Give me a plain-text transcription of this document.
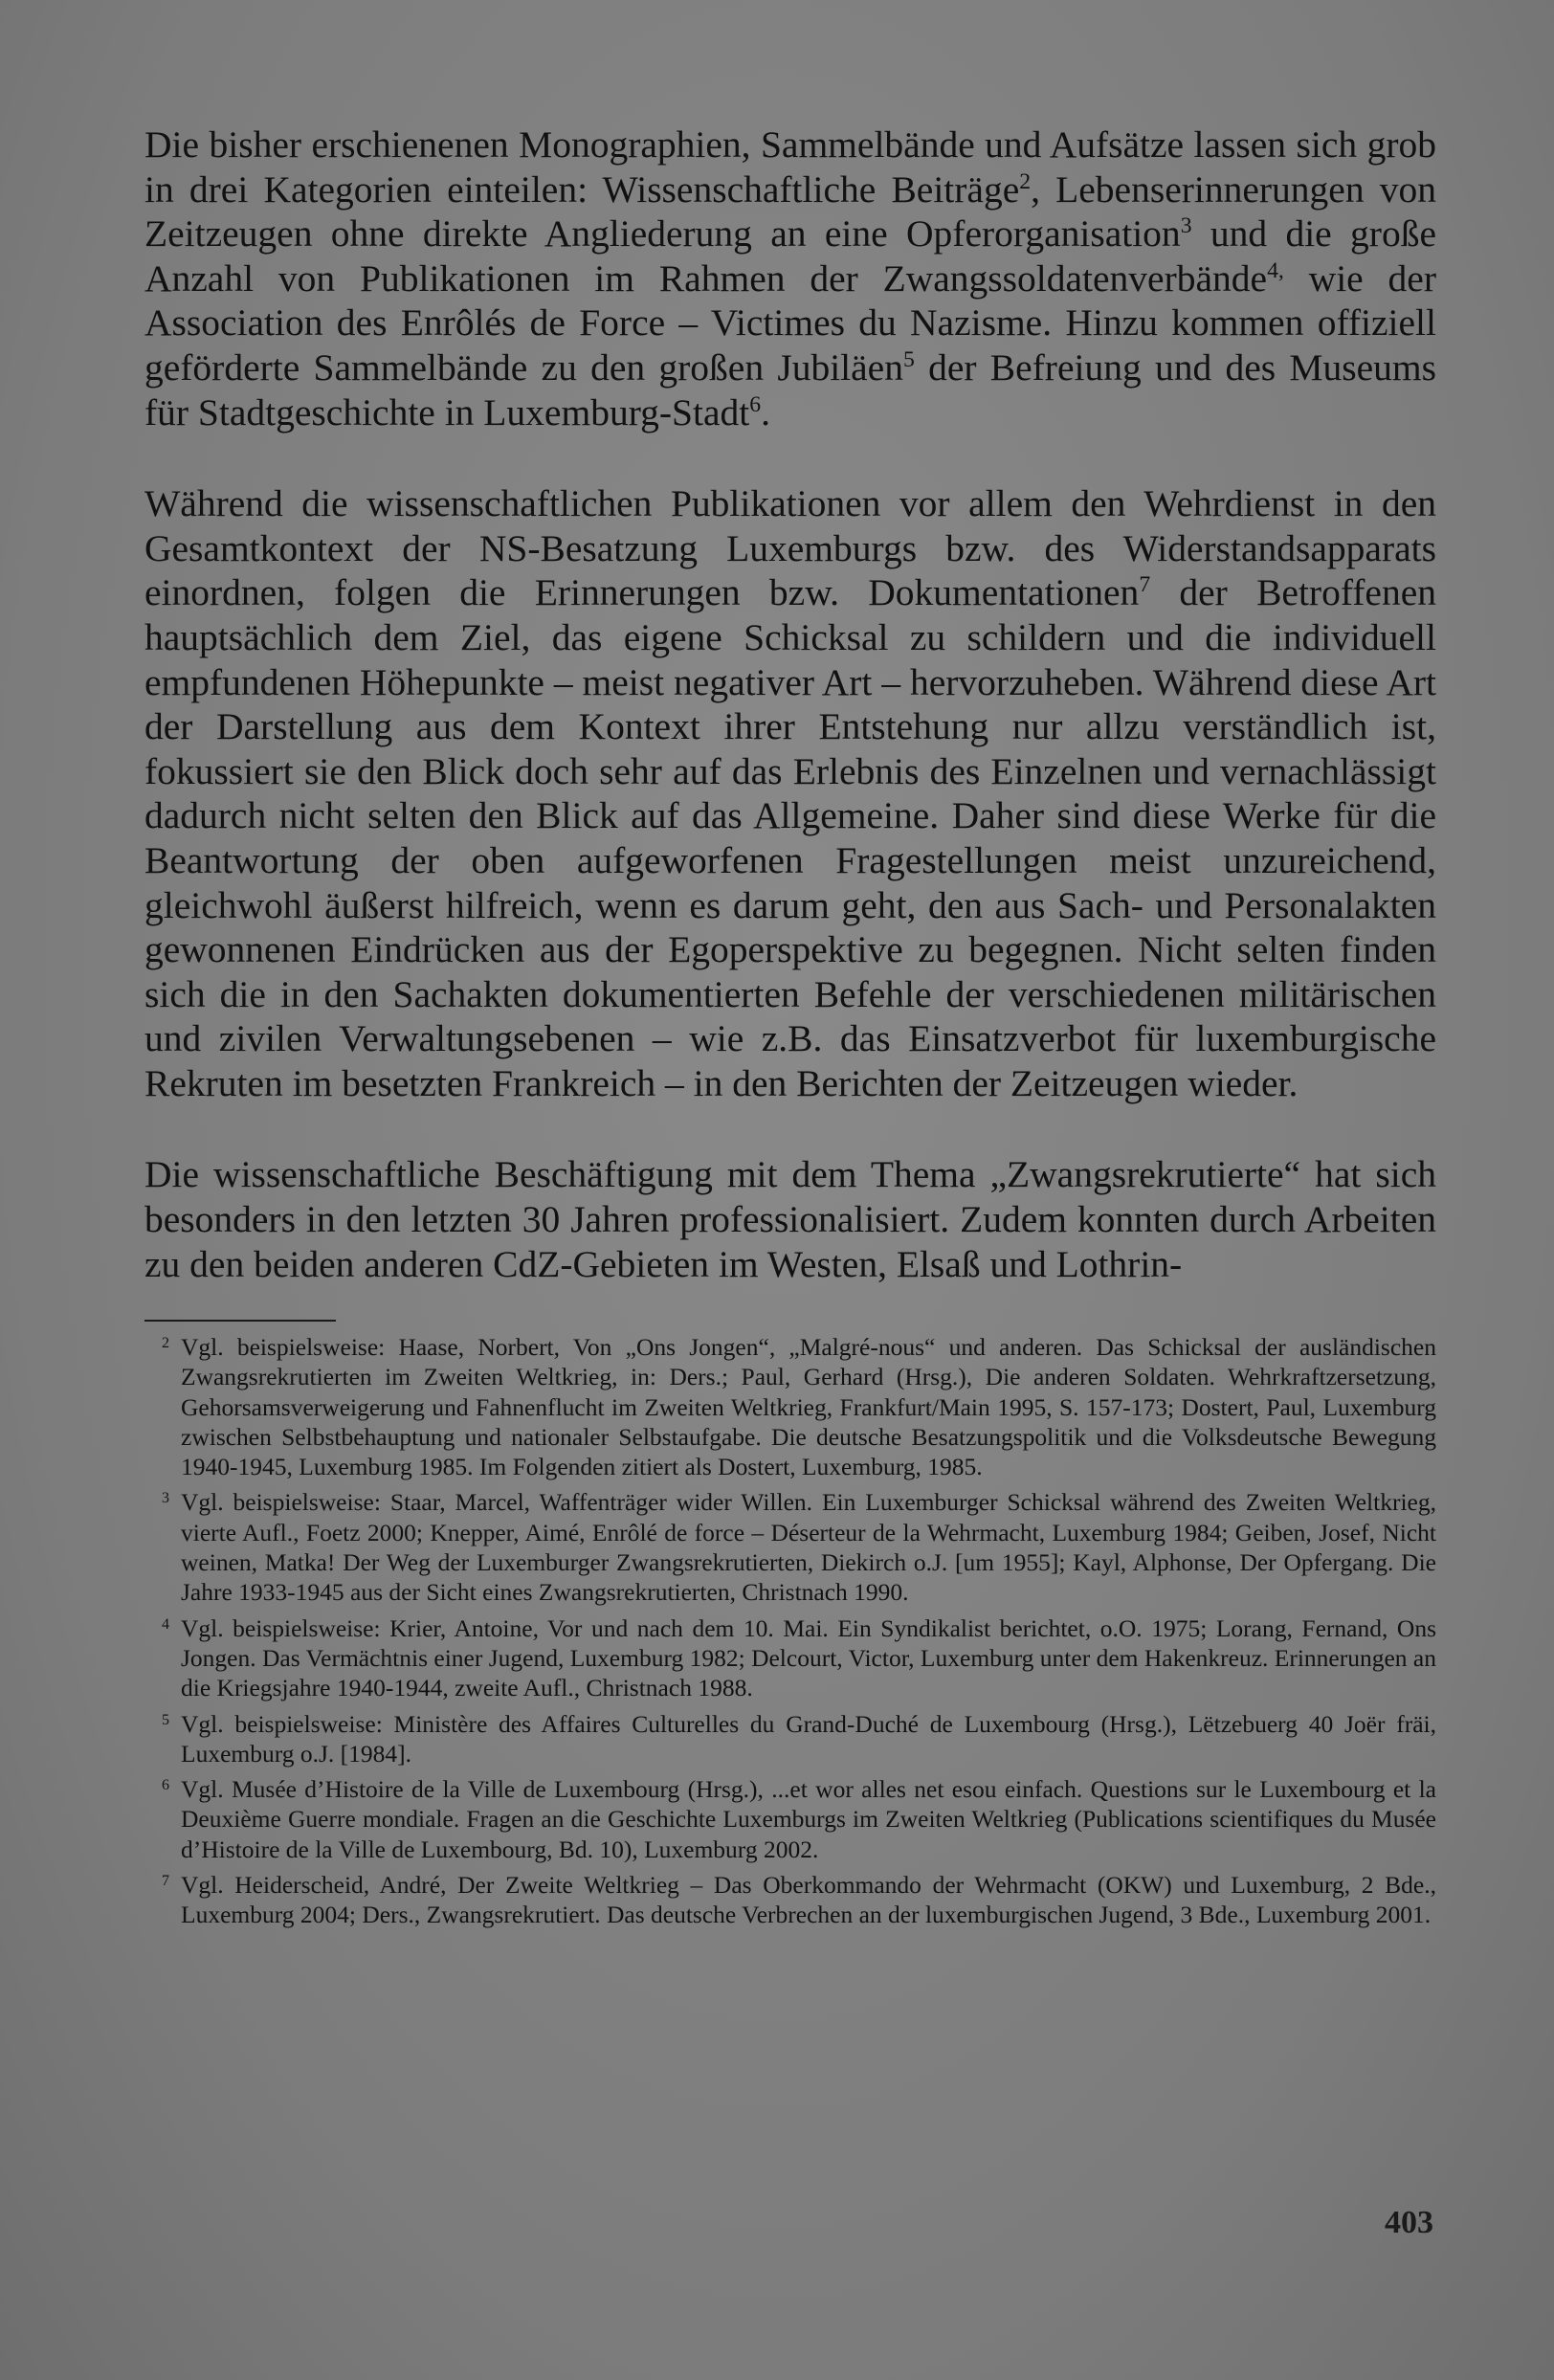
Die bisher erschienenen Monographien, Sammelbände und Aufsätze lassen sich grob in drei Kategorien einteilen: Wissenschaftliche Beiträge$^2$, Lebenserinnerungen von Zeitzeugen ohne direkte Angliederung an eine Opferorganisation$^3$ und die große Anzahl von Publikationen im Rahmen der Zwangssoldatenverbände$^{4,}$ wie der Association des Enrôlés de Force – Victimes du Nazisme. Hinzu kommen offiziell geförderte Sammelbände zu den großen Jubiläen$^5$ der Befreiung und des Museums für Stadtgeschichte in Luxemburg-Stadt$^6$.

Während die wissenschaftlichen Publikationen vor allem den Wehrdienst in den Gesamtkontext der NS-Besatzung Luxemburgs bzw. des Widerstandsapparats einordnen, folgen die Erinnerungen bzw. Dokumentationen$^7$ der Betroffenen hauptsächlich dem Ziel, das eigene Schicksal zu schildern und die individuell empfundenen Höhepunkte – meist negativer Art – hervorzuheben. Während diese Art der Darstellung aus dem Kontext ihrer Entstehung nur allzu verständlich ist, fokussiert sie den Blick doch sehr auf das Erlebnis des Einzelnen und vernachlässigt dadurch nicht selten den Blick auf das Allgemeine. Daher sind diese Werke für die Beantwortung der oben aufgeworfenen Fragestellungen meist unzureichend, gleichwohl äußerst hilfreich, wenn es darum geht, den aus Sach- und Personalakten gewonnenen Eindrücken aus der Egoperspektive zu begegnen. Nicht selten finden sich die in den Sachakten dokumentierten Befehle der verschiedenen militärischen und zivilen Verwaltungsebenen – wie z.B. das Einsatzverbot für luxemburgische Rekruten im besetzten Frankreich – in den Berichten der Zeitzeugen wieder.

Die wissenschaftliche Beschäftigung mit dem Thema „Zwangsrekrutierte“ hat sich besonders in den letzten 30 Jahren professionalisiert. Zudem konnten durch Arbeiten zu den beiden anderen CdZ-Gebieten im Westen, Elsaß und Lothrin-

2 Vgl. beispielsweise: Haase, Norbert, Von „Ons Jongen“, „Malgré-nous“ und anderen. Das Schicksal der ausländischen Zwangsrekrutierten im Zweiten Weltkrieg, in: Ders.; Paul, Gerhard (Hrsg.), Die anderen Soldaten. Wehrkraftzersetzung, Gehorsamsverweigerung und Fahnenflucht im Zweiten Weltkrieg, Frankfurt/Main 1995, S. 157-173; Dostert, Paul, Luxemburg zwischen Selbstbehauptung und nationaler Selbstaufgabe. Die deutsche Besatzungspolitik und die Volksdeutsche Bewegung 1940-1945, Luxemburg 1985. Im Folgenden zitiert als Dostert, Luxemburg, 1985.
3 Vgl. beispielsweise: Staar, Marcel, Waffenträger wider Willen. Ein Luxemburger Schicksal während des Zweiten Weltkrieg, vierte Aufl., Foetz 2000; Knepper, Aimé, Enrôlé de force – Déserteur de la Wehrmacht, Luxemburg 1984; Geiben, Josef, Nicht weinen, Matka! Der Weg der Luxemburger Zwangsrekrutierten, Diekirch o.J. [um 1955]; Kayl, Alphonse, Der Opfergang. Die Jahre 1933-1945 aus der Sicht eines Zwangsrekrutierten, Christnach 1990.
4 Vgl. beispielsweise: Krier, Antoine, Vor und nach dem 10. Mai. Ein Syndikalist berichtet, o.O. 1975; Lorang, Fernand, Ons Jongen. Das Vermächtnis einer Jugend, Luxemburg 1982; Delcourt, Victor, Luxemburg unter dem Hakenkreuz. Erinnerungen an die Kriegsjahre 1940-1944, zweite Aufl., Christnach 1988.
5 Vgl. beispielsweise: Ministère des Affaires Culturelles du Grand-Duché de Luxembourg (Hrsg.), Lëtzebuerg 40 Joër fräi, Luxemburg o.J. [1984].
6 Vgl. Musée d’Histoire de la Ville de Luxembourg (Hrsg.), ...et wor alles net esou einfach. Questions sur le Luxembourg et la Deuxième Guerre mondiale. Fragen an die Geschichte Luxemburgs im Zweiten Weltkrieg (Publications scientifiques du Musée d’Histoire de la Ville de Luxembourg, Bd. 10), Luxemburg 2002.
7 Vgl. Heiderscheid, André, Der Zweite Weltkrieg – Das Oberkommando der Wehrmacht (OKW) und Luxemburg, 2 Bde., Luxemburg 2004; Ders., Zwangsrekrutiert. Das deutsche Verbrechen an der luxemburgischen Jugend, 3 Bde., Luxemburg 2001.
403
